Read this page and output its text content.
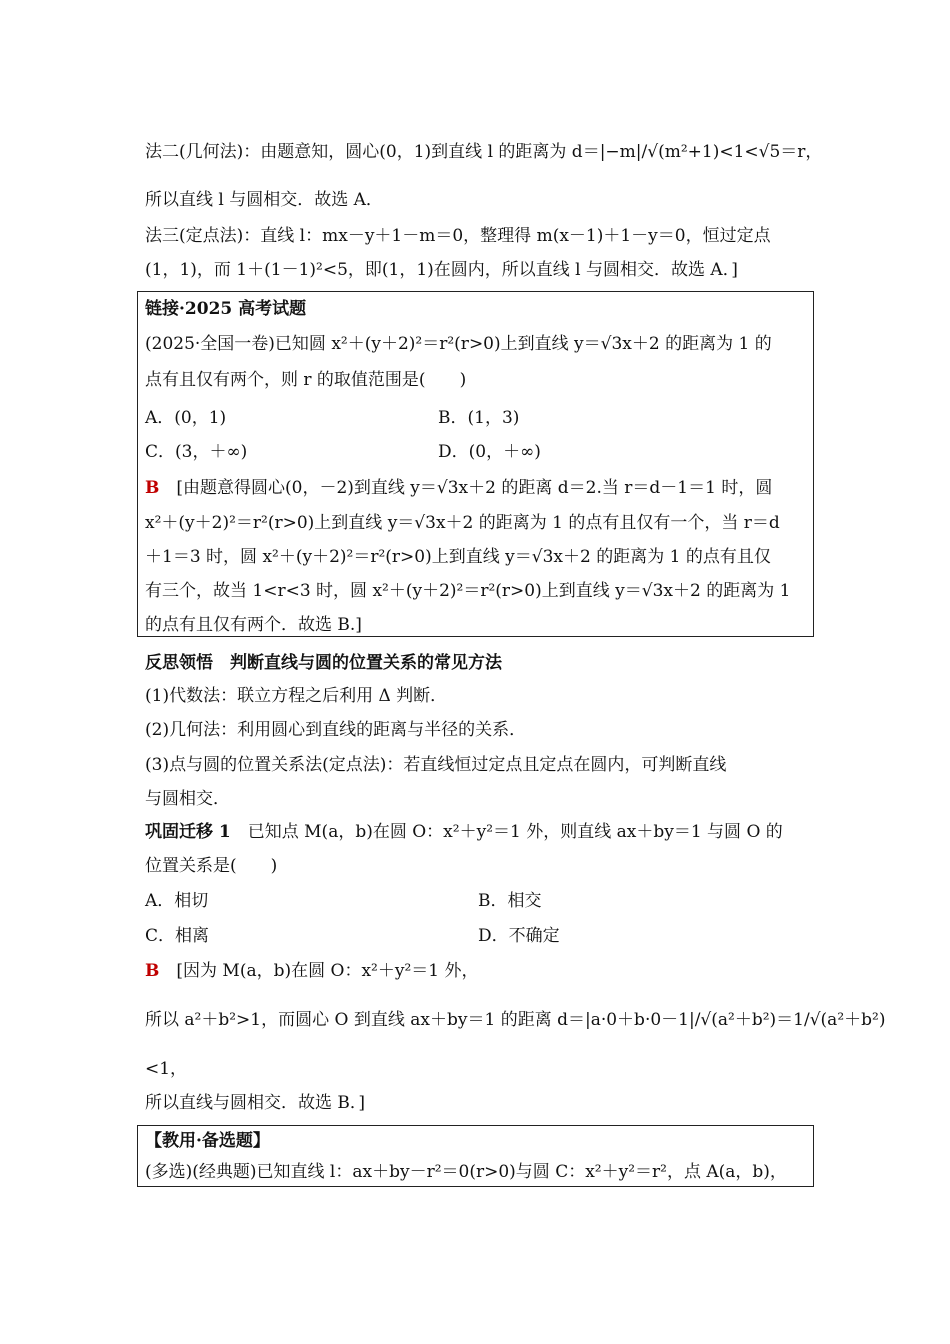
法二(几何法)：由题意知，圆心(0，1)到直线 l 的距离为 d＝|−m|/√(m²+1)<1<√5＝r，
所以直线 l 与圆相交．故选 A．
法三(定点法)：直线 l：mx－y＋1－m＝0，整理得 m(x－1)＋1－y＝0，恒过定点
(1，1)，而 1＋(1－1)²<5，即(1，1)在圆内，所以直线 l 与圆相交．故选 A．]
链接·2025 高考试题
(2025·全国一卷)已知圆 x²＋(y＋2)²＝r²(r>0)上到直线 y＝√3x＋2 的距离为 1 的
点有且仅有两个，则 r 的取值范围是(　　)
A．(0，1)	B．(1，3)
C．(3，＋∞)	D．(0，＋∞)
B　 [由题意得圆心(0，－2)到直线 y＝√3x＋2 的距离 d＝2.当 r＝d－1＝1 时，圆
x²＋(y＋2)²＝r²(r>0)上到直线 y＝√3x＋2 的距离为 1 的点有且仅有一个，当 r＝d
＋1＝3 时，圆 x²＋(y＋2)²＝r²(r>0)上到直线 y＝√3x＋2 的距离为 1 的点有且仅
有三个，故当 1<r<3 时，圆 x²＋(y＋2)²＝r²(r>0)上到直线 y＝√3x＋2 的距离为 1
的点有且仅有两个．故选 B.]
反思领悟　判断直线与圆的位置关系的常见方法
(1)代数法：联立方程之后利用 Δ 判断．
(2)几何法：利用圆心到直线的距离与半径的关系．
(3)点与圆的位置关系法(定点法)：若直线恒过定点且定点在圆内，可判断直线
与圆相交．
巩固迁移 1　已知点 M(a，b)在圆 O：x²＋y²＝1 外，则直线 ax＋by＝1 与圆 O 的
位置关系是(　　)
A．相切	B．相交
C．相离	D．不确定
B　 [因为 M(a，b)在圆 O：x²＋y²＝1 外，
所以 a²＋b²>1，而圆心 O 到直线 ax＋by＝1 的距离 d＝|a·0＋b·0－1|/√(a²＋b²)＝1/√(a²＋b²)
<1，
所以直线与圆相交．故选 B．]
【教用·备选题】
(多选)(经典题)已知直线 l：ax＋by－r²＝0(r>0)与圆 C：x²＋y²＝r²，点 A(a，b)，
